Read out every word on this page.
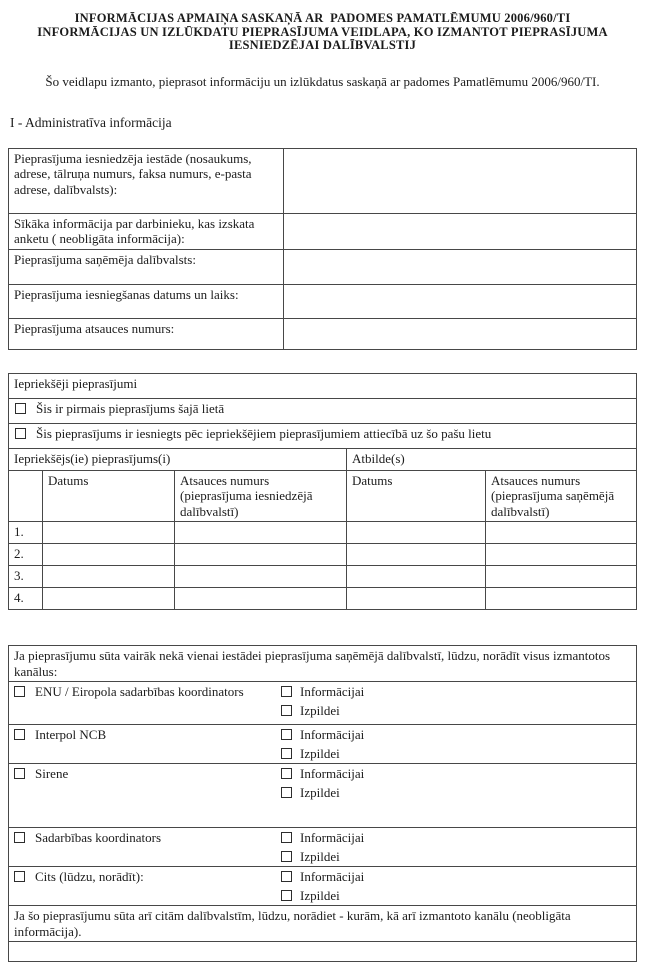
INFORMĀCIJAS APMAIŅA SASKAŅĀ AR  PADOMES PAMATLĒMUMU 2006/960/TI
INFORMĀCIJAS UN IZLŪKDATU PIEPRASĪJUMA VEIDLAPA, KO IZMANTOT PIEPRASĪJUMA
IESNIEDZĒJAI DALĪBVALSTIJ
Šo veidlapu izmanto, pieprasot informāciju un izlūkdatus saskaņā ar padomes Pamatlēmumu 2006/960/TI.
I - Administratīva informācija
Pieprasījuma iesniedzēja iestāde (nosaukums, adrese, tālruņa numurs, faksa numurs, e-pasta adrese, dalībvalsts):	
Sīkāka informācija par darbinieku, kas izskata anketu ( neobligāta informācija):	
Pieprasījuma saņēmēja dalībvalsts:	
Pieprasījuma iesniegšanas datums un laiks:	
Pieprasījuma atsauces numurs:	
Iepriekšēji pieprasījumi				
Šis ir pirmais pieprasījums šajā lietā				
Šis pieprasījums ir iesniegts pēc iepriekšējiem pieprasījumiem attiecībā uz šo pašu lietu				
Iepriekšējs(ie) pieprasījums(i)			Atbilde(s)	
	Datums	Atsauces numurs (pieprasījuma iesniedzējā dalībvalstī)	Datums	Atsauces numurs (pieprasījuma saņēmējā dalībvalstī)
1.				
2.				
3.				
4.				
Ja pieprasījumu sūta vairāk nekā vienai iestādei pieprasījuma saņēmējā dalībvalstī, lūdzu, norādīt visus izmantotos kanālus:

ENU / Eiropola sadarbības koordinators	Informācijai
Izpildei

Interpol NCB	Informācijai
Izpildei

Sirene	Informācijai
Izpildei

Sadarbības koordinators	Informācijai
Izpildei

Cits (lūdzu, norādīt):	Informācijai
Izpildei

Ja šo pieprasījumu sūta arī citām dalībvalstīm, lūdzu, norādiet - kurām, kā arī izmantoto kanālu (neobligāta informācija).
